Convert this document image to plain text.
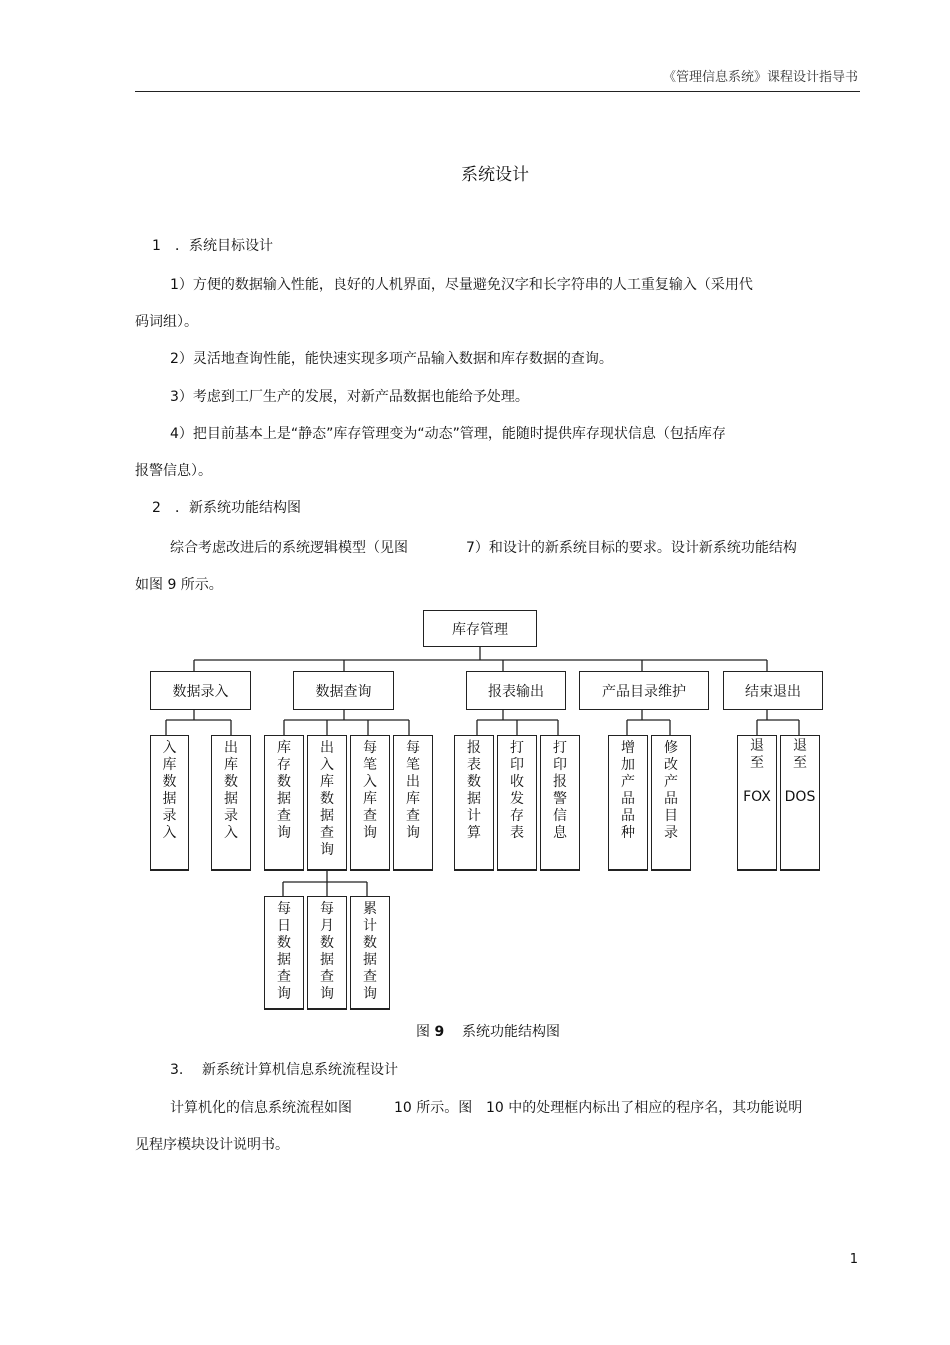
《管理信息系统》课程设计指导书
系统设计
1 ．系统目标设计
1）方便的数据输入性能，良好的人机界面，尽量避免汉字和长字符串的人工重复输入（采用代
码词组）。
2）灵活地查询性能，能快速实现多项产品输入数据和库存数据的查询。
3）考虑到工厂生产的发展，对新产品数据也能给予处理。
4）把目前基本上是“静态”库存管理变为“动态”管理，能随时提供库存现状信息（包括库存
报警信息）。
2 ．新系统功能结构图
综合考虑改进后的系统逻辑模型（见图	7）和设计的新系统目标的要求。设计新系统功能结构
如图 9 所示。
库存管理
数据录入	数据查询	报表输出	产品目录维护	结束退出
入
库
数
据
录
入
出
库
数
据
录
入
库
存
数
据
查
询
出
入
库
数
据
查
询
每
笔
入
库
查
询
每
笔
出
库
查
询
报
表
数
据
计
算
打
印
收
发
存
表
打
印
报
警
信
息
增
加
产
品
品
种
修
改
产
品
目
录
退
至

FOX
退
至

DOS
每
日
数
据
查
询
每
月
数
据
查
询
累
计
数
据
查
询
图 9 系统功能结构图
3. 新系统计算机信息系统流程设计
计算机化的信息系统流程如图	10 所示。图 10 中的处理框内标出了相应的程序名，其功能说明
见程序模块设计说明书。
1
